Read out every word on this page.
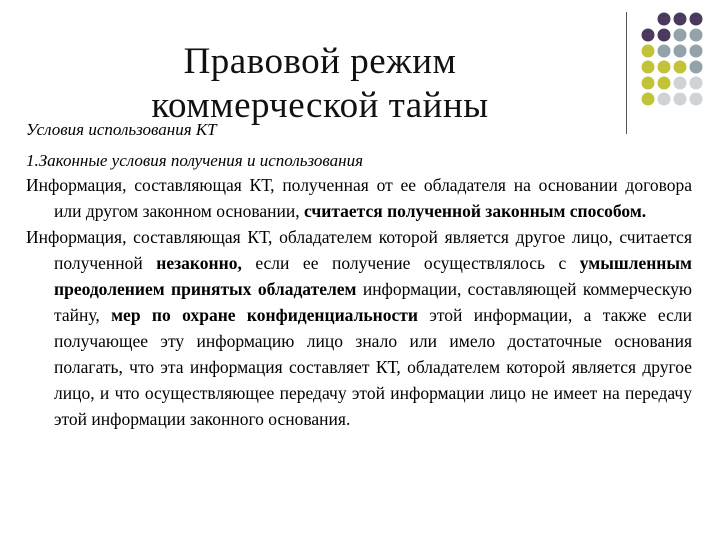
Правовой режим коммерческой тайны
Условия использования КТ

1.Законные условия получения и использования

Информация, составляющая КТ, полученная от ее обладателя на основании договора или другом законном основании, считается полученной законным способом.

Информация, составляющая КТ, обладателем которой является другое лицо, считается полученной незаконно, если ее получение осуществлялось с умышленным преодолением принятых обладателем информации, составляющей коммерческую тайну, мер по охране конфиденциальности этой информации, а также если получающее эту информацию лицо знало или имело достаточные основания полагать, что эта информация составляет КТ, обладателем которой является другое лицо, и что осуществляющее передачу этой информации лицо не имеет на передачу этой информации законного основания.
